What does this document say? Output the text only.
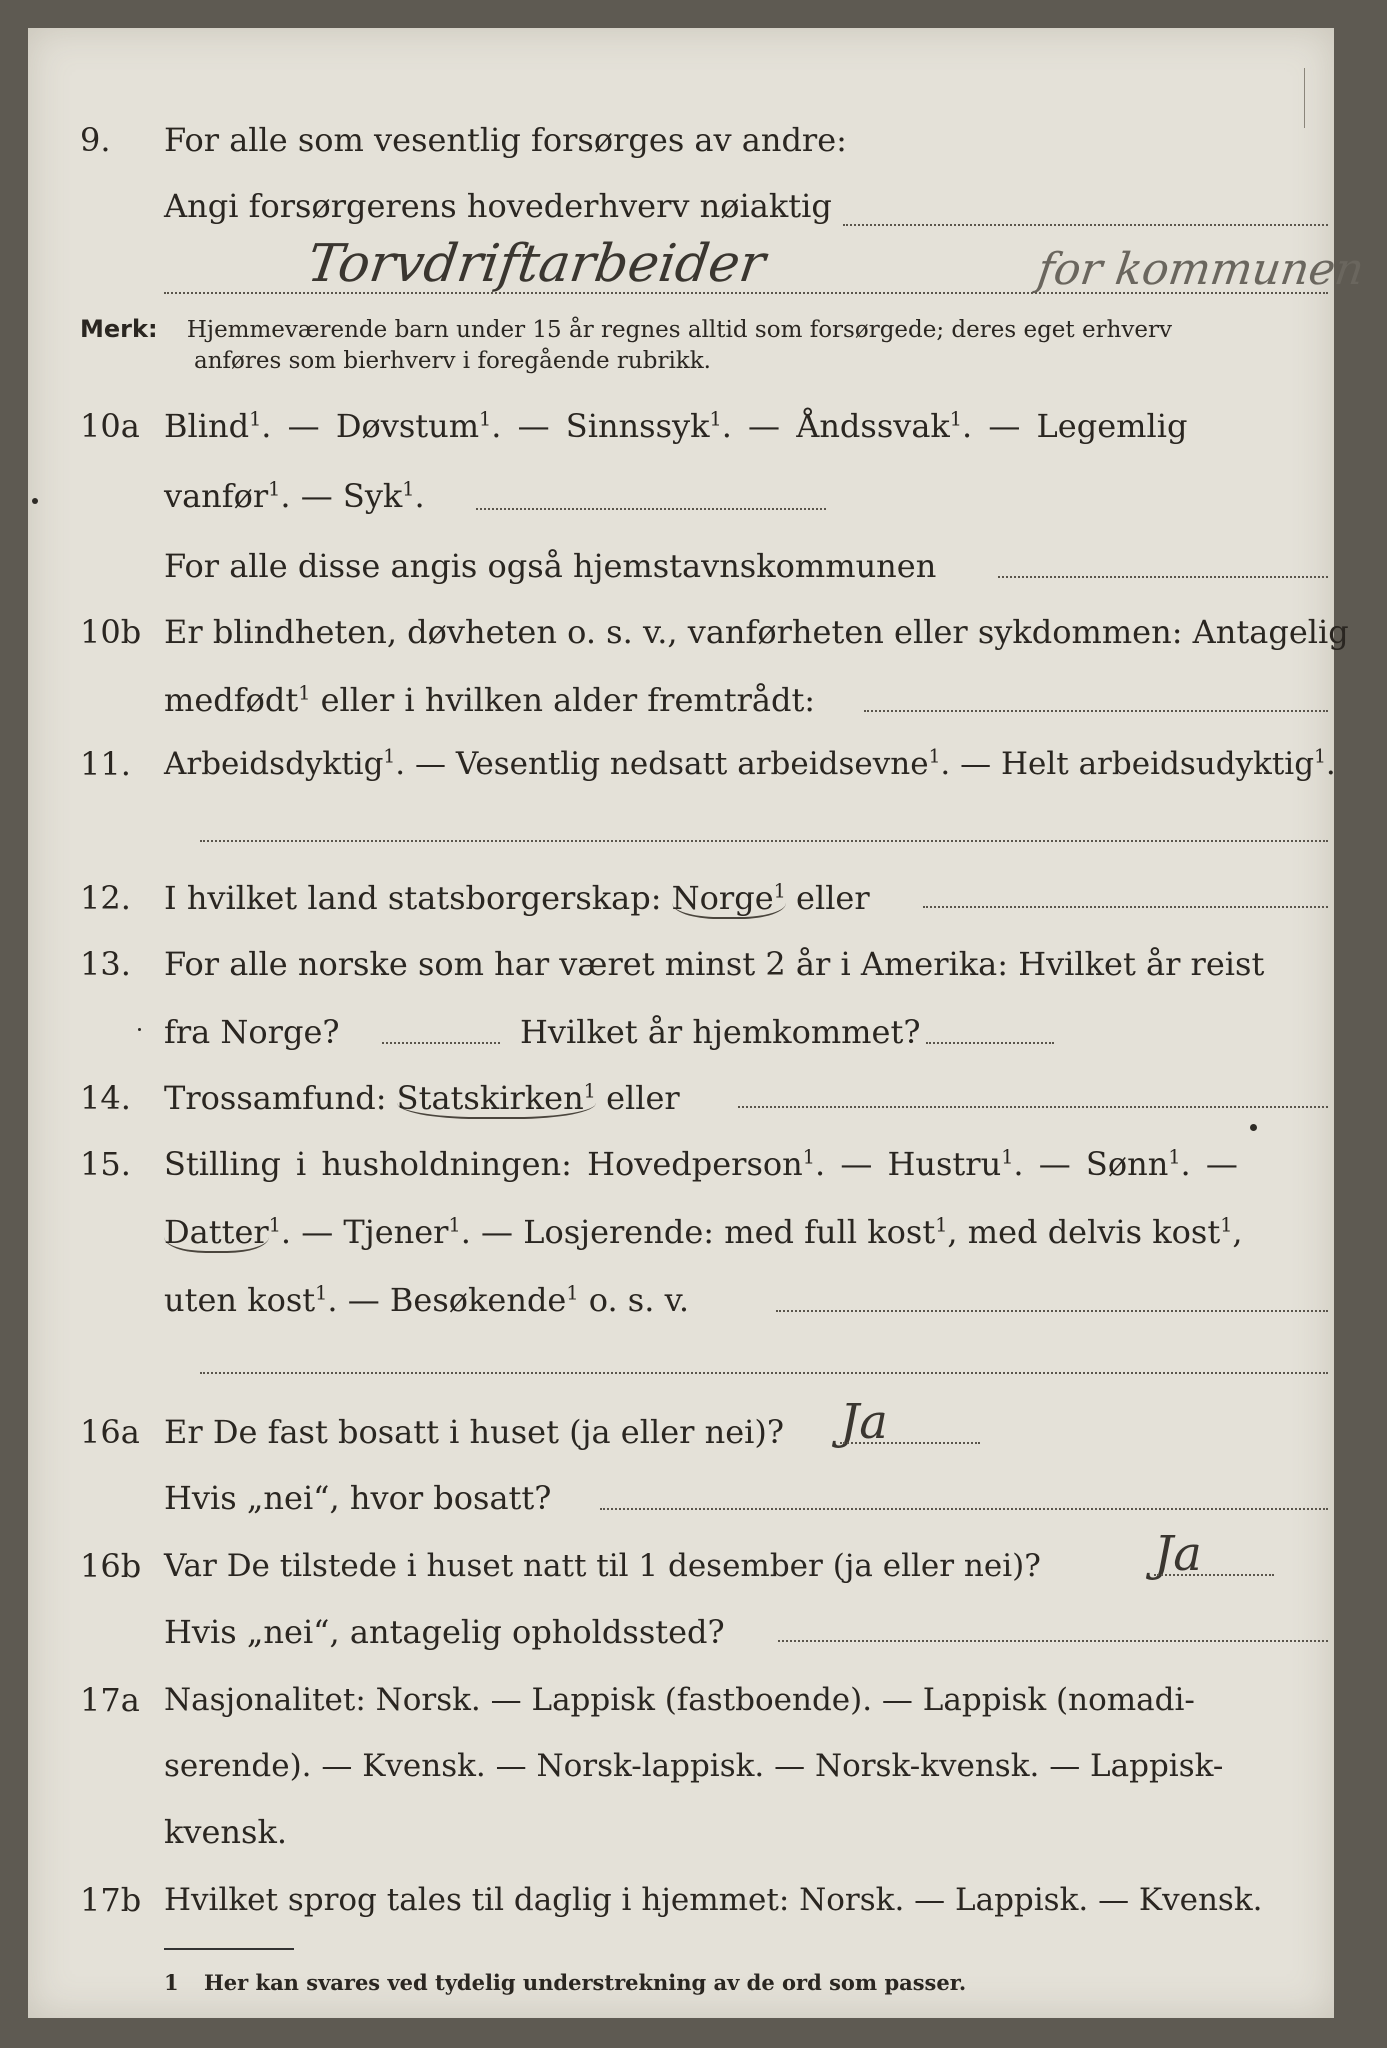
9. For alle som vesentlig forsørges av andre:
Angi forsørgerens hovederhverv nøiaktig
Torvdriftarbeider	for kommunen
Merk: Hjemmeværende barn under 15 år regnes alltid som forsørgede; deres eget erhverv
anføres som bierhverv i foregående rubrikk.
10a Blind$^1$. — Døvstum$^1$. — Sinnssyk$^1$. — Åndssvak$^1$. — Legemlig
vanfør$^1$. — Syk$^1$.
For alle disse angis også hjemstavnskommunen
10b Er blindheten, døvheten o. s. v., vanførheten eller sykdommen: Antagelig
medfødt$^1$ eller i hvilken alder fremtrådt:
11. Arbeidsdyktig$^1$. — Vesentlig nedsatt arbeidsevne$^1$. — Helt arbeidsudyktig$^1$.
12. I hvilket land statsborgerskap: Norge$^1$ eller
13. For alle norske som har været minst 2 år i Amerika: Hvilket år reist
fra Norge?	Hvilket år hjemkommet?
14. Trossamfund: Statskirken$^1$ eller
15. Stilling i husholdningen: Hovedperson$^1$. — Hustru$^1$. — Sønn$^1$. —
Datter$^1$. — Tjener$^1$. — Losjerende: med full kost$^1$, med delvis kost$^1$,
uten kost$^1$. — Besøkende$^1$ o. s. v.
16a Er De fast bosatt i huset (ja eller nei)? Ja
Hvis „nei“, hvor bosatt?
16b Var De tilstede i huset natt til 1 desember (ja eller nei)? Ja
Hvis „nei“, antagelig opholdssted?
17a Nasjonalitet: Norsk. — Lappisk (fastboende). — Lappisk (nomadi-
serende). — Kvensk. — Norsk-lappisk. — Norsk-kvensk. — Lappisk-
kvensk.
17b Hvilket sprog tales til daglig i hjemmet: Norsk. — Lappisk. — Kvensk.
1 Her kan svares ved tydelig understrekning av de ord som passer.
